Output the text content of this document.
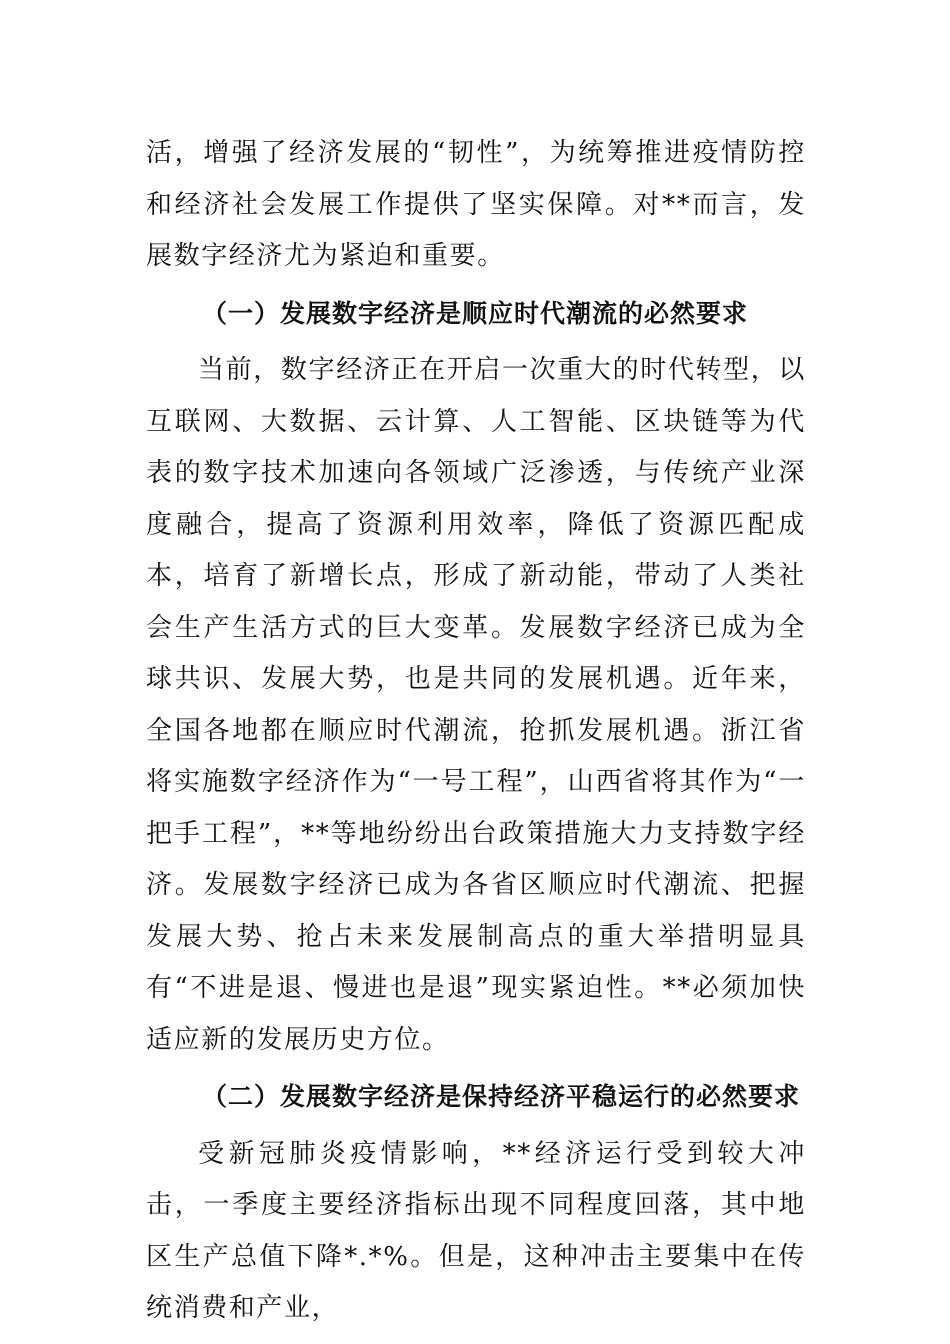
活，增强了经济发展的“韧性”，为统筹推进疫情防控和经济社会发展工作提供了坚实保障。对**而言，发展数字经济尤为紧迫和重要。

（一）发展数字经济是顺应时代潮流的必然要求

当前，数字经济正在开启一次重大的时代转型，以互联网、大数据、云计算、人工智能、区块链等为代表的数字技术加速向各领域广泛渗透，与传统产业深度融合，提高了资源利用效率，降低了资源匹配成本，培育了新增长点，形成了新动能，带动了人类社会生产生活方式的巨大变革。发展数字经济已成为全球共识、发展大势，也是共同的发展机遇。近年来，全国各地都在顺应时代潮流，抢抓发展机遇。浙江省将实施数字经济作为“一号工程”，山西省将其作为“一把手工程”，**等地纷纷出台政策措施大力支持数字经济。发展数字经济已成为各省区顺应时代潮流、把握发展大势、抢占未来发展制高点的重大举措明显具有“不进是退、慢进也是退”现实紧迫性。**必须加快适应新的发展历史方位。

（二）发展数字经济是保持经济平稳运行的必然要求

受新冠肺炎疫情影响，**经济运行受到较大冲击，一季度主要经济指标出现不同程度回落，其中地区生产总值下降*.*%。但是，这种冲击主要集中在传统消费和产业，
